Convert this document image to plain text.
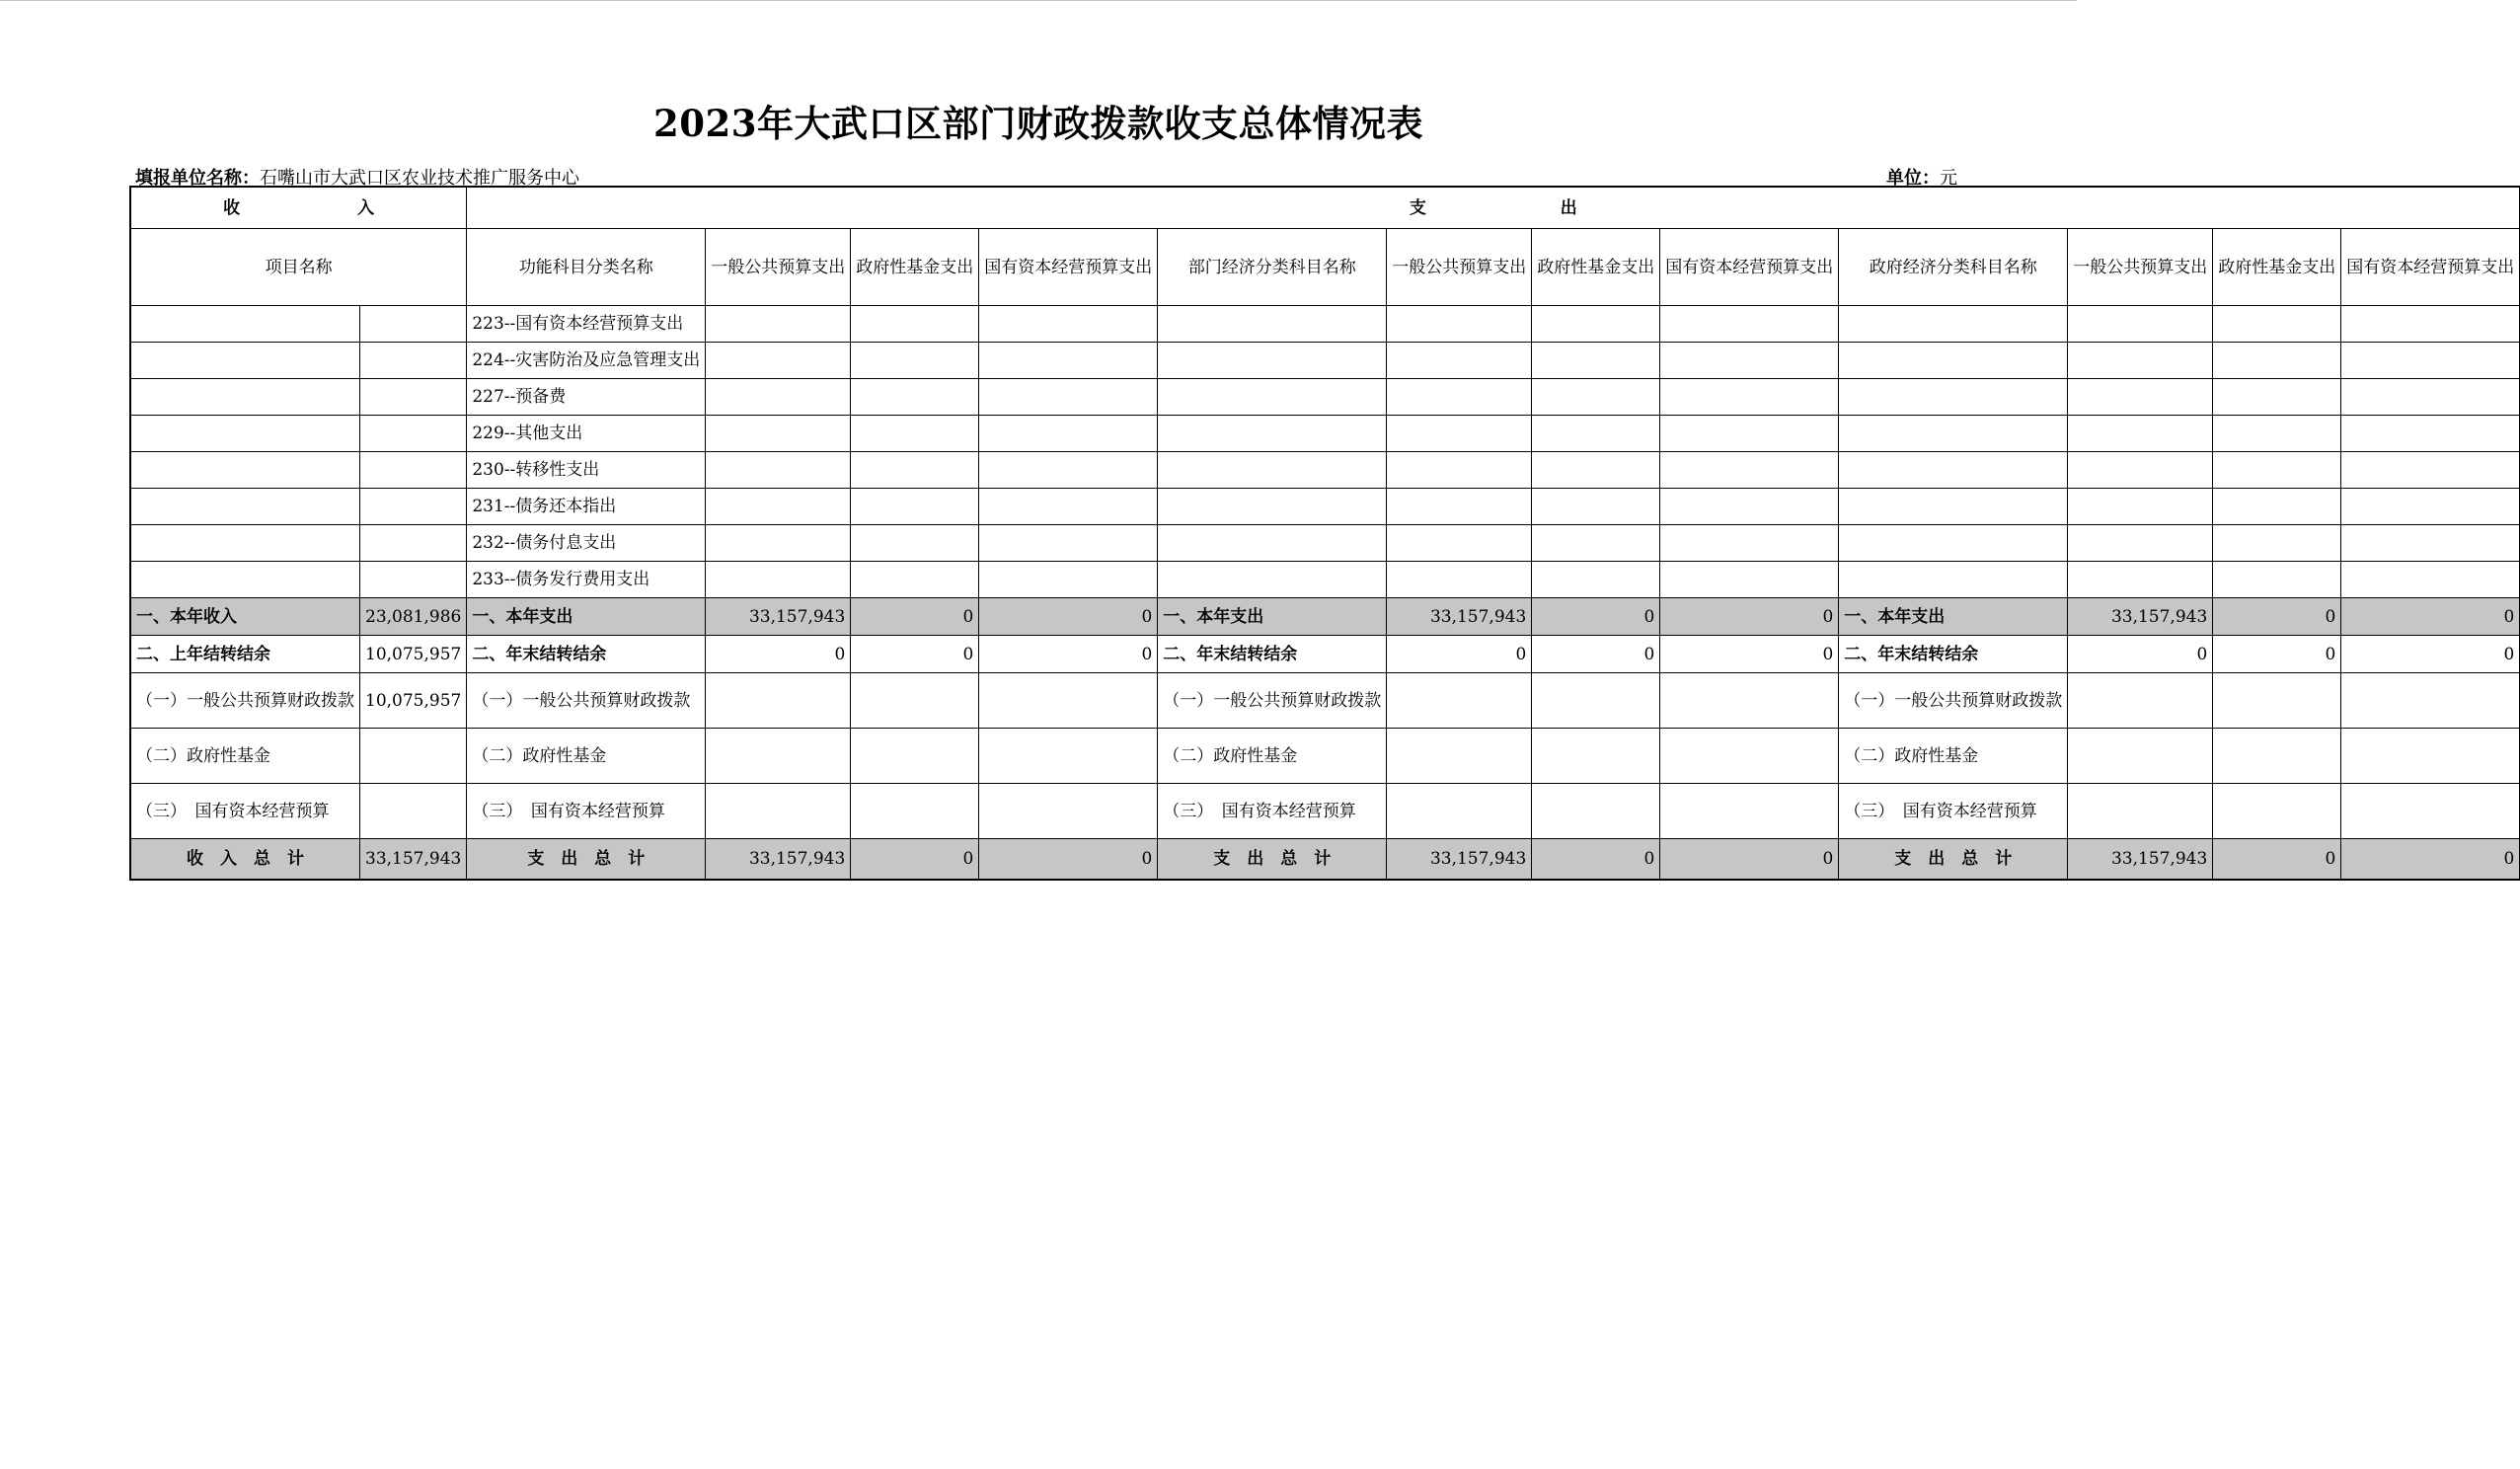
2023年大武口区部门财政拨款收支总体情况表
填报单位名称：石嘴山市大武口区农业技术推广服务中心	单位：元
收　　　　　　　入		支　　　　　　　　出											
项目名称		功能科目分类名称	一般公共预算支出	政府性基金支出	国有资本经营预算支出	部门经济分类科目名称	一般公共预算支出	政府性基金支出	国有资本经营预算支出	政府经济分类科目名称	一般公共预算支出	政府性基金支出	国有资本经营预算支出
		223--国有资本经营预算支出											
		224--灾害防治及应急管理支出											
		227--预备费											
		229--其他支出											
		230--转移性支出											
		231--债务还本指出											
		232--债务付息支出											
		233--债务发行费用支出											
一、本年收入	23,081,986	一、本年支出	33,157,943	0	0	一、本年支出	33,157,943	0	0	一、本年支出	33,157,943	0	0
二、上年结转结余	10,075,957	二、年末结转结余	0	0	0	二、年末结转结余	0	0	0	二、年末结转结余	0	0	0
（一）一般公共预算财政拨款	10,075,957	（一）一般公共预算财政拨款				（一）一般公共预算财政拨款				（一）一般公共预算财政拨款			
（二）政府性基金		（二）政府性基金				（二）政府性基金				（二）政府性基金			
（三）　国有资本经营预算		（三）　国有资本经营预算				（三）　国有资本经营预算				（三）　国有资本经营预算			
收　入　总　计	33,157,943	支　出　总　计	33,157,943	0	0	支　出　总　计	33,157,943	0	0	支　出　总　计	33,157,943	0	0
